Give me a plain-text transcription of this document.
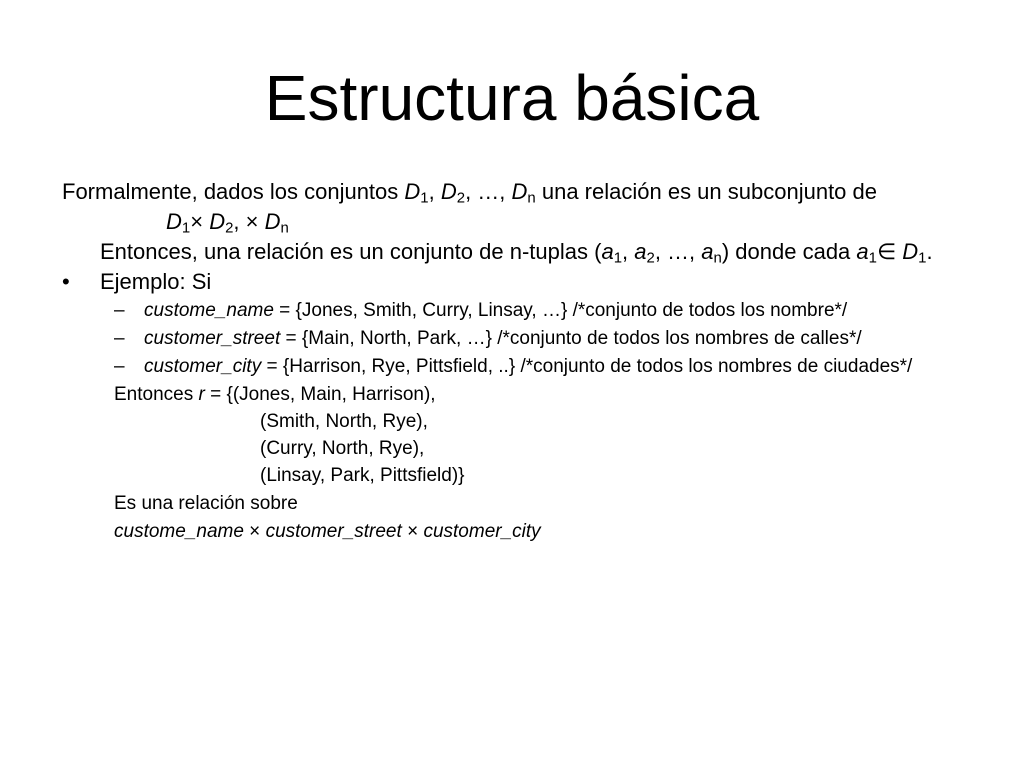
Estructura básica
Formalmente, dados los conjuntos $D_1$, $D_2$, …, $D_n$ una relación es un subconjunto de
$D_1\times D_2$, × $D_n$
Entonces, una relación es un conjunto de n-tuplas ($a_1$, $a_2$, …, $a_n$) donde cada $a_1\in$ $D_1$.
•	Ejemplo: Si
–	custome_name = {Jones, Smith, Curry, Linsay, …} /*conjunto de todos los nombre*/
–	customer_street = {Main, North, Park, …} /*conjunto de todos los nombres de calles*/
–	customer_city = {Harrison, Rye, Pittsfield, ..} /*conjunto de todos los nombres de ciudades*/
Entonces r = {(Jones, Main, Harrison),
(Smith, North, Rye),
(Curry, North, Rye),
(Linsay, Park, Pittsfield)}
Es una relación sobre
custome_name × customer_street × customer_city
